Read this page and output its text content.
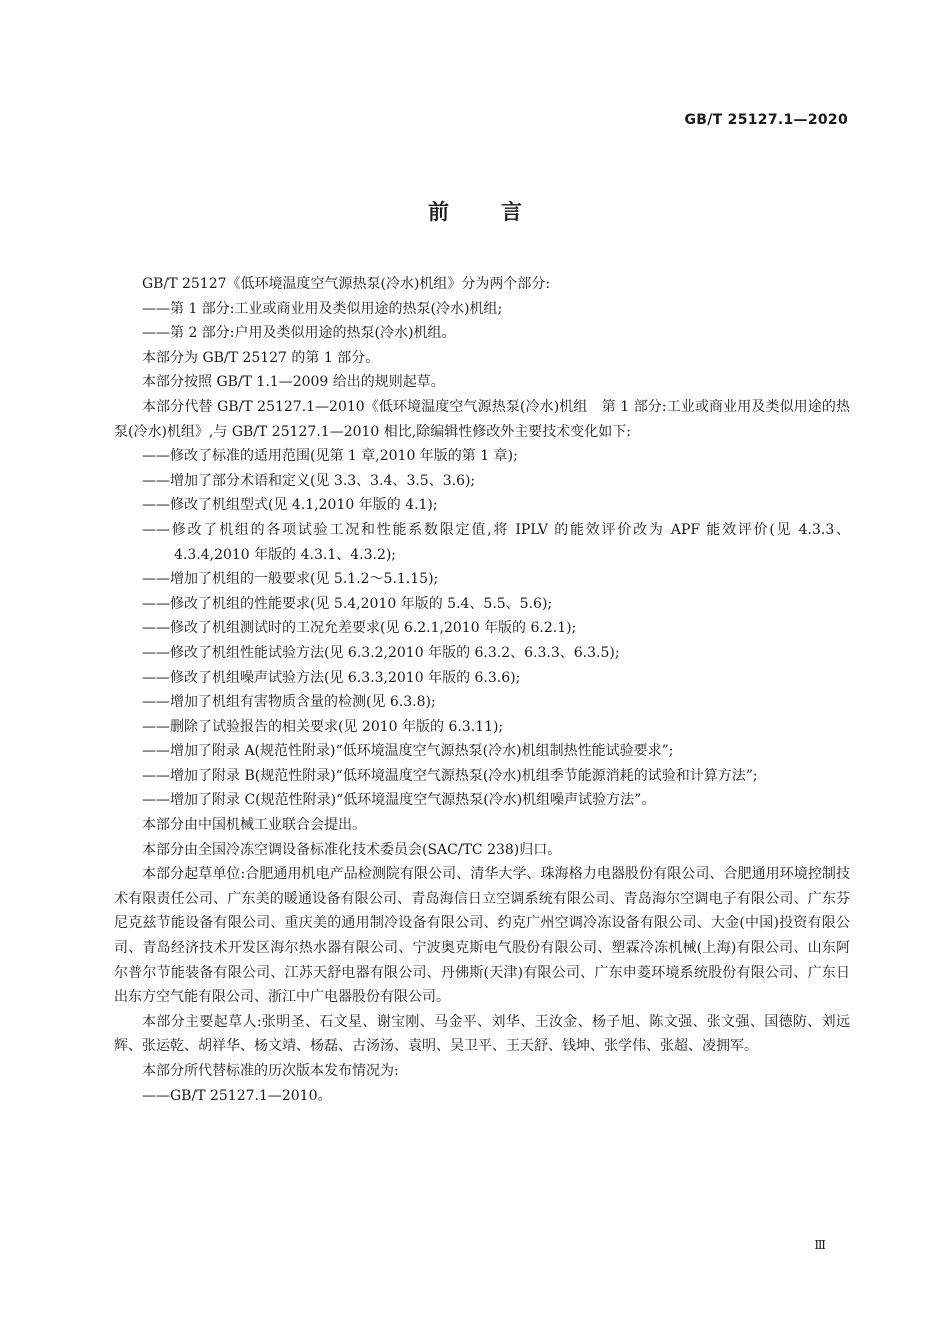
GB/T 25127.1—2020
前言

GB/T 25127《低环境温度空气源热泵(冷水)机组》分为两个部分:

——第 1 部分:工业或商业用及类似用途的热泵(冷水)机组;

——第 2 部分:户用及类似用途的热泵(冷水)机组。

本部分为 GB/T 25127 的第 1 部分。

本部分按照 GB/T 1.1—2009 给出的规则起草。

本部分代替 GB/T 25127.1—2010《低环境温度空气源热泵(冷水)机组　第 1 部分:工业或商业用及类似用途的热泵(冷水)机组》,与 GB/T 25127.1—2010 相比,除编辑性修改外主要技术变化如下:

——修改了标准的适用范围(见第 1 章,2010 年版的第 1 章);

——增加了部分术语和定义(见 3.3、3.4、3.5、3.6);

——修改了机组型式(见 4.1,2010 年版的 4.1);

——修改了机组的各项试验工况和性能系数限定值,将 IPLV 的能效评价改为 APF 能效评价(见 4.3.3、4.3.4,2010 年版的 4.3.1、4.3.2);

——增加了机组的一般要求(见 5.1.2～5.1.15);

——修改了机组的性能要求(见 5.4,2010 年版的 5.4、5.5、5.6);

——修改了机组测试时的工况允差要求(见 6.2.1,2010 年版的 6.2.1);

——修改了机组性能试验方法(见 6.3.2,2010 年版的 6.3.2、6.3.3、6.3.5);

——修改了机组噪声试验方法(见 6.3.3,2010 年版的 6.3.6);

——增加了机组有害物质含量的检测(见 6.3.8);

——删除了试验报告的相关要求(见 2010 年版的 6.3.11);

——增加了附录 A(规范性附录)“低环境温度空气源热泵(冷水)机组制热性能试验要求”;

——增加了附录 B(规范性附录)“低环境温度空气源热泵(冷水)机组季节能源消耗的试验和计算方法”;

——增加了附录 C(规范性附录)“低环境温度空气源热泵(冷水)机组噪声试验方法”。

本部分由中国机械工业联合会提出。

本部分由全国冷冻空调设备标准化技术委员会(SAC/TC 238)归口。

本部分起草单位:合肥通用机电产品检测院有限公司、清华大学、珠海格力电器股份有限公司、合肥通用环境控制技术有限责任公司、广东美的暖通设备有限公司、青岛海信日立空调系统有限公司、青岛海尔空调电子有限公司、广东芬尼克兹节能设备有限公司、重庆美的通用制冷设备有限公司、约克广州空调冷冻设备有限公司、大金(中国)投资有限公司、青岛经济技术开发区海尔热水器有限公司、宁波奥克斯电气股份有限公司、塑霖冷冻机械(上海)有限公司、山东阿尔普尔节能装备有限公司、江苏天舒电器有限公司、丹佛斯(天津)有限公司、广东申菱环境系统股份有限公司、广东日出东方空气能有限公司、浙江中广电器股份有限公司。

本部分主要起草人:张明圣、石文星、谢宝刚、马金平、刘华、王汝金、杨子旭、陈文强、张文强、国德防、刘远辉、张运乾、胡祥华、杨文靖、杨磊、古汤汤、袁明、吴卫平、王天舒、钱坤、张学伟、张超、凌拥军。

本部分所代替标准的历次版本发布情况为:

——GB/T 25127.1—2010。

Ⅲ
